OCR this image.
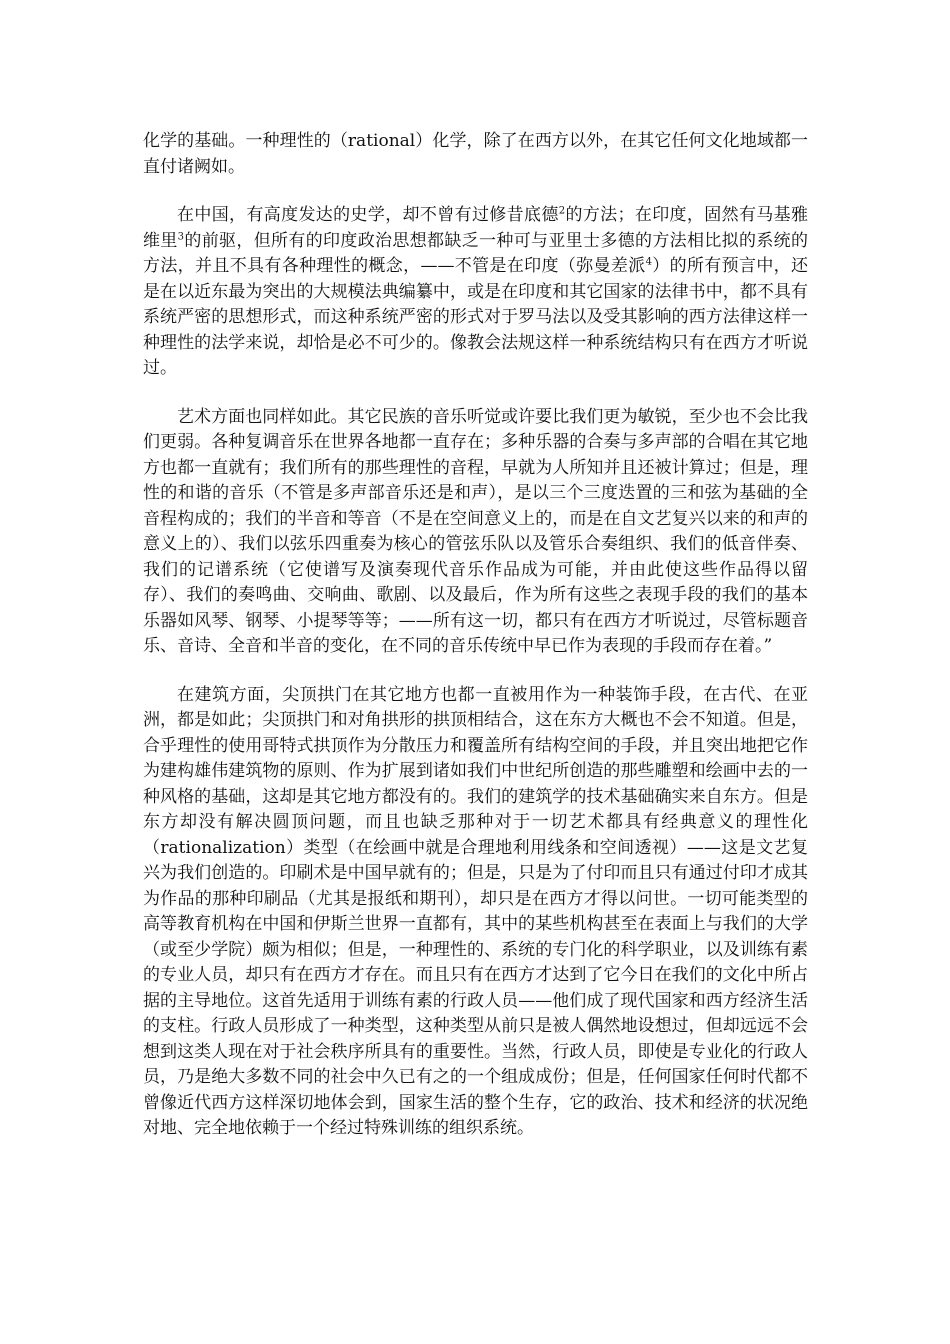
化学的基础。一种理性的（rational）化学，除了在西方以外，在其它任何文化地域都一直付诸阙如。

在中国，有高度发达的史学，却不曾有过修昔底德$^2$的方法；在印度，固然有马基雅维里$^3$的前驱，但所有的印度政治思想都缺乏一种可与亚里士多德的方法相比拟的系统的方法，并且不具有各种理性的概念，——不管是在印度（弥曼差派$^4$）的所有预言中，还是在以近东最为突出的大规模法典编纂中，或是在印度和其它国家的法律书中，都不具有系统严密的思想形式，而这种系统严密的形式对于罗马法以及受其影响的西方法律这样一种理性的法学来说，却恰是必不可少的。像教会法规这样一种系统结构只有在西方才听说过。

艺术方面也同样如此。其它民族的音乐听觉或许要比我们更为敏锐，至少也不会比我们更弱。各种复调音乐在世界各地都一直存在；多种乐器的合奏与多声部的合唱在其它地方也都一直就有；我们所有的那些理性的音程，早就为人所知并且还被计算过；但是，理性的和谐的音乐（不管是多声部音乐还是和声），是以三个三度迭置的三和弦为基础的全音程构成的；我们的半音和等音（不是在空间意义上的，而是在自文艺复兴以来的和声的意义上的）、我们以弦乐四重奏为核心的管弦乐队以及管乐合奏组织、我们的低音伴奏、我们的记谱系统（它使谱写及演奏现代音乐作品成为可能，并由此使这些作品得以留存）、我们的奏鸣曲、交响曲、歌剧、以及最后，作为所有这些之表现手段的我们的基本乐器如风琴、钢琴、小提琴等等；——所有这一切，都只有在西方才听说过，尽管标题音乐、音诗、全音和半音的变化，在不同的音乐传统中早已作为表现的手段而存在着。”

在建筑方面，尖顶拱门在其它地方也都一直被用作为一种装饰手段，在古代、在亚洲，都是如此；尖顶拱门和对角拱形的拱顶相结合，这在东方大概也不会不知道。但是，合乎理性的使用哥特式拱顶作为分散压力和覆盖所有结构空间的手段，并且突出地把它作为建构雄伟建筑物的原则、作为扩展到诸如我们中世纪所创造的那些雕塑和绘画中去的一种风格的基础，这却是其它地方都没有的。我们的建筑学的技术基础确实来自东方。但是东方却没有解决圆顶问题，而且也缺乏那种对于一切艺术都具有经典意义的理性化（rationalization）类型（在绘画中就是合理地利用线条和空间透视）——这是文艺复兴为我们创造的。印刷术是中国早就有的；但是，只是为了付印而且只有通过付印才成其为作品的那种印刷品（尤其是报纸和期刊），却只是在西方才得以问世。一切可能类型的高等教育机构在中国和伊斯兰世界一直都有，其中的某些机构甚至在表面上与我们的大学（或至少学院）颇为相似；但是，一种理性的、系统的专门化的科学职业，以及训练有素的专业人员，却只有在西方才存在。而且只有在西方才达到了它今日在我们的文化中所占据的主导地位。这首先适用于训练有素的行政人员——他们成了现代国家和西方经济生活的支柱。行政人员形成了一种类型，这种类型从前只是被人偶然地设想过，但却远远不会想到这类人现在对于社会秩序所具有的重要性。当然，行政人员，即使是专业化的行政人员，乃是绝大多数不同的社会中久已有之的一个组成成份；但是，任何国家任何时代都不曾像近代西方这样深切地体会到，国家生活的整个生存，它的政治、技术和经济的状况绝对地、完全地依赖于一个经过特殊训练的组织系统。
